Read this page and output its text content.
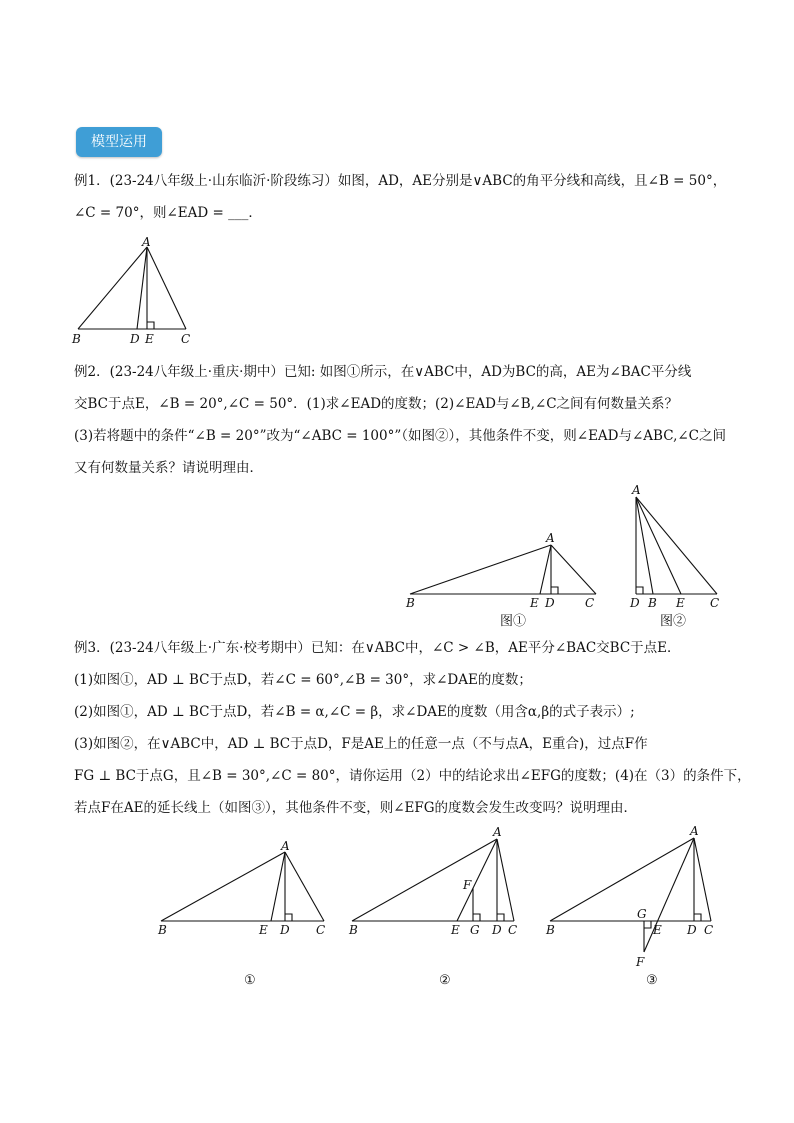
模型运用
例1．(23-24八年级上·山东临沂·阶段练习）如图，AD，AE分别是∨ABC的角平分线和高线，且∠B = 50°，
∠C = 70°，则∠EAD = ___．
A
B	D E C
例2．(23-24八年级上·重庆·期中）已知: 如图①所示，在∨ABC中，AD为BC的高，AE为∠BAC平分线
交BC于点E，∠B = 20°,∠C = 50°．(1)求∠EAD的度数；(2)∠EAD与∠B,∠C之间有何数量关系？
(3)若将题中的条件“∠B = 20°”改为“∠ABC = 100°”（如图②），其他条件不变，则∠EAD与∠ABC,∠C之间
又有何数量关系？请说明理由．
A
B	E D	C
图①
A
D B E C
图②
例3．(23-24八年级上·广东·校考期中）已知：在∨ABC中，∠C > ∠B，AE平分∠BAC交BC于点E．
(1)如图①，AD ⊥ BC于点D，若∠C = 60°,∠B = 30°，求∠DAE的度数；
(2)如图①，AD ⊥ BC于点D，若∠B = α,∠C = β，求∠DAE的度数（用含α,β的式子表示）;
(3)如图②，在∨ABC中，AD ⊥ BC于点D，F是AE上的任意一点（不与点A，E重合)，过点F作
FG ⊥ BC于点G，且∠B = 30°,∠C = 80°，请你运用（2）中的结论求出∠EFG的度数；(4)在（3）的条件下，
若点F在AE的延长线上（如图③），其他条件不变，则∠EFG的度数会发生改变吗？说明理由．
A
B	E D C
①
A
F
B	E G D C
②
A
G
B	E D C
F
③
